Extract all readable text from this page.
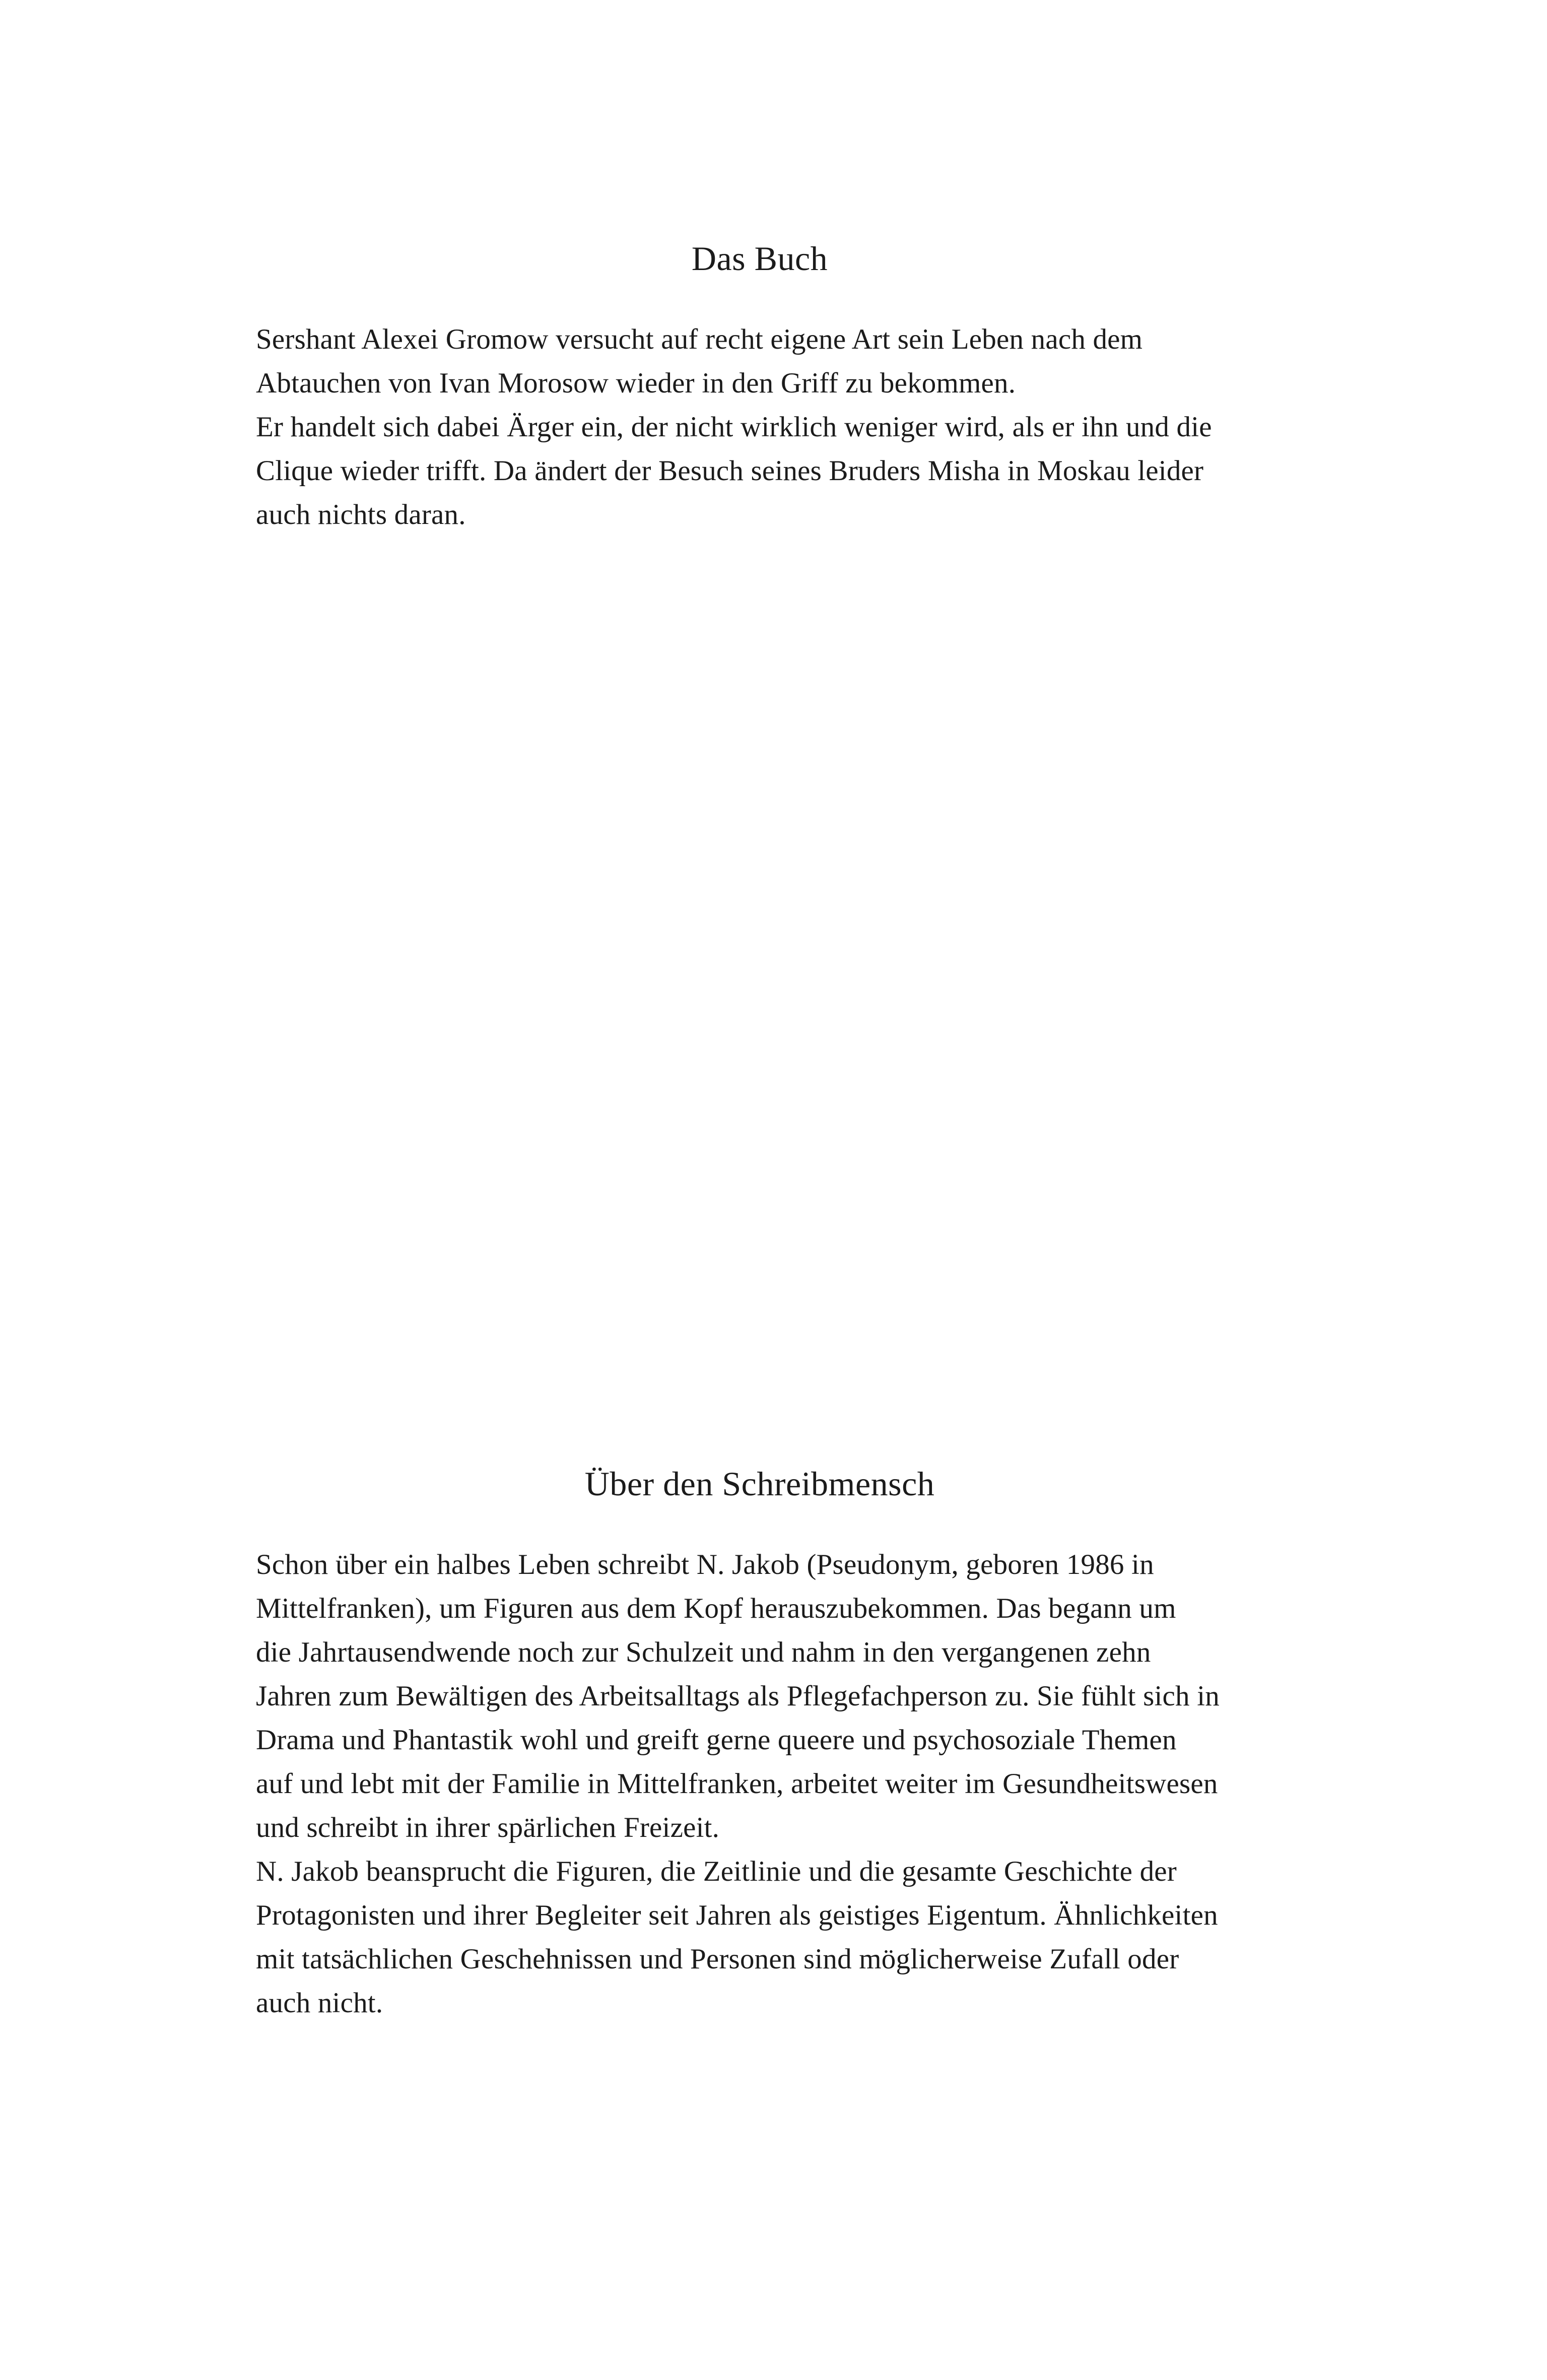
Das Buch

Sershant Alexei Gromow versucht auf recht eigene Art sein Leben nach dem
Abtauchen von Ivan Morosow wieder in den Griff zu bekommen.
Er handelt sich dabei Ärger ein, der nicht wirklich weniger wird, als er ihn und die
Clique wieder trifft. Da ändert der Besuch seines Bruders Misha in Moskau leider
auch nichts daran.

Über den Schreibmensch

Schon über ein halbes Leben schreibt N. Jakob (Pseudonym, geboren 1986 in
Mittelfranken), um Figuren aus dem Kopf herauszubekommen. Das begann um
die Jahrtausendwende noch zur Schulzeit und nahm in den vergangenen zehn
Jahren zum Bewältigen des Arbeitsalltags als Pflegefachperson zu. Sie fühlt sich in
Drama und Phantastik wohl und greift gerne queere und psychosoziale Themen
auf und lebt mit der Familie in Mittelfranken, arbeitet weiter im Gesundheitswesen
und schreibt in ihrer spärlichen Freizeit.
N. Jakob beansprucht die Figuren, die Zeitlinie und die gesamte Geschichte der
Protagonisten und ihrer Begleiter seit Jahren als geistiges Eigentum. Ähnlichkeiten
mit tatsächlichen Geschehnissen und Personen sind möglicherweise Zufall oder
auch nicht.
